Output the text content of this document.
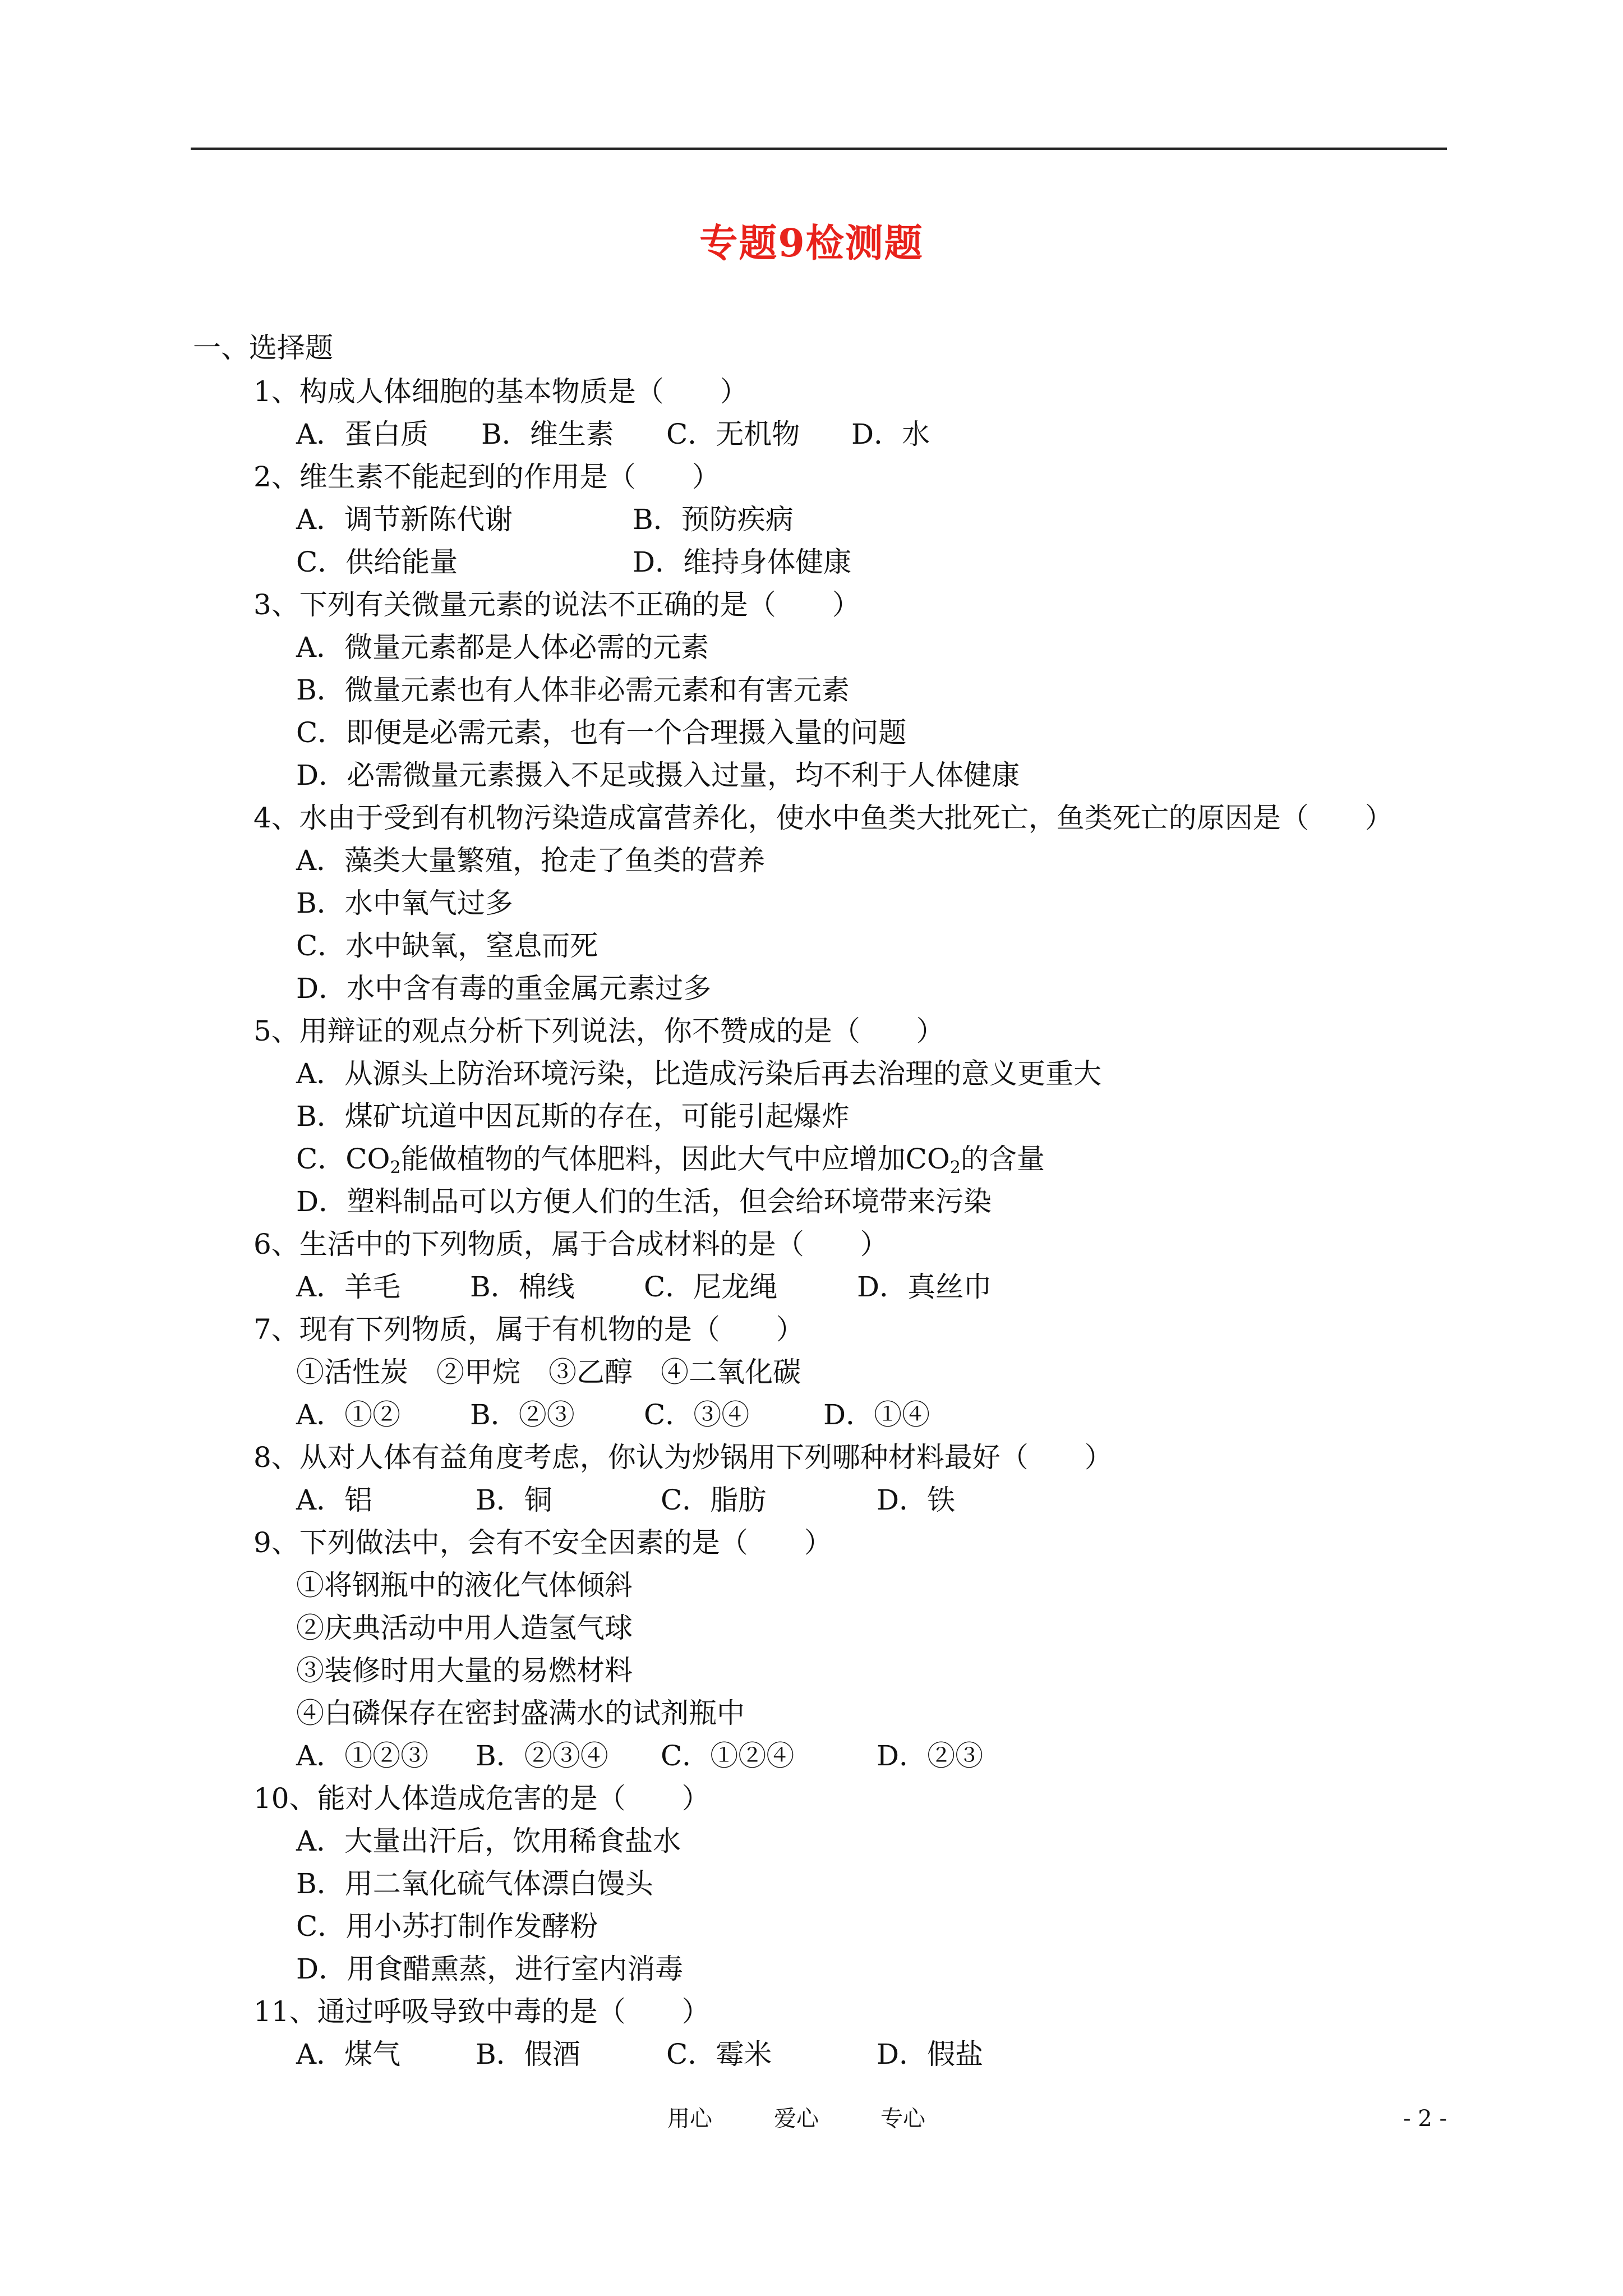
专题9检测题
一、选择题
1、构成人体细胞的基本物质是（　　）
A．蛋白质 B．维生素 C．无机物 D．水
2、维生素不能起到的作用是（　　）
A．调节新陈代谢	B．预防疾病
C．供给能量	D．维持身体健康
3、下列有关微量元素的说法不正确的是（　　）
A．微量元素都是人体必需的元素
B．微量元素也有人体非必需元素和有害元素
C．即便是必需元素，也有一个合理摄入量的问题
D．必需微量元素摄入不足或摄入过量，均不利于人体健康
4、水由于受到有机物污染造成富营养化，使水中鱼类大批死亡，鱼类死亡的原因是（　　）
A．藻类大量繁殖，抢走了鱼类的营养
B．水中氧气过多
C．水中缺氧，窒息而死
D．水中含有毒的重金属元素过多
5、用辩证的观点分析下列说法，你不赞成的是（　　）
A．从源头上防治环境污染，比造成污染后再去治理的意义更重大
B．煤矿坑道中因瓦斯的存在，可能引起爆炸
C．$CO_2$能做植物的气体肥料，因此大气中应增加$CO_2$的含量
D．塑料制品可以方便人们的生活，但会给环境带来污染
6、生活中的下列物质，属于合成材料的是（　　）
A．羊毛 B．棉线 C．尼龙绳	D．真丝巾
7、现有下列物质，属于有机物的是（　　）
①活性炭　②甲烷　③乙醇　④二氧化碳
A．①② B．②③ C．③④	D．①④
8、从对人体有益角度考虑，你认为炒锅用下列哪种材料最好（　　）
A．铝	B．铜	C．脂肪	D．铁
9、下列做法中，会有不安全因素的是（　　）
①将钢瓶中的液化气体倾斜
②庆典活动中用人造氢气球
③装修时用大量的易燃材料
④白磷保存在密封盛满水的试剂瓶中
A．①②③ B．②③④ C．①②④	D．②③
10、能对人体造成危害的是（　　）
A．大量出汗后，饮用稀食盐水
B．用二氧化硫气体漂白馒头
C．用小苏打制作发酵粉
D．用食醋熏蒸，进行室内消毒
11、通过呼吸导致中毒的是（　　）
A．煤气	B．假酒	C．霉米	D．假盐
用心	爱心	专心	- 2 -
